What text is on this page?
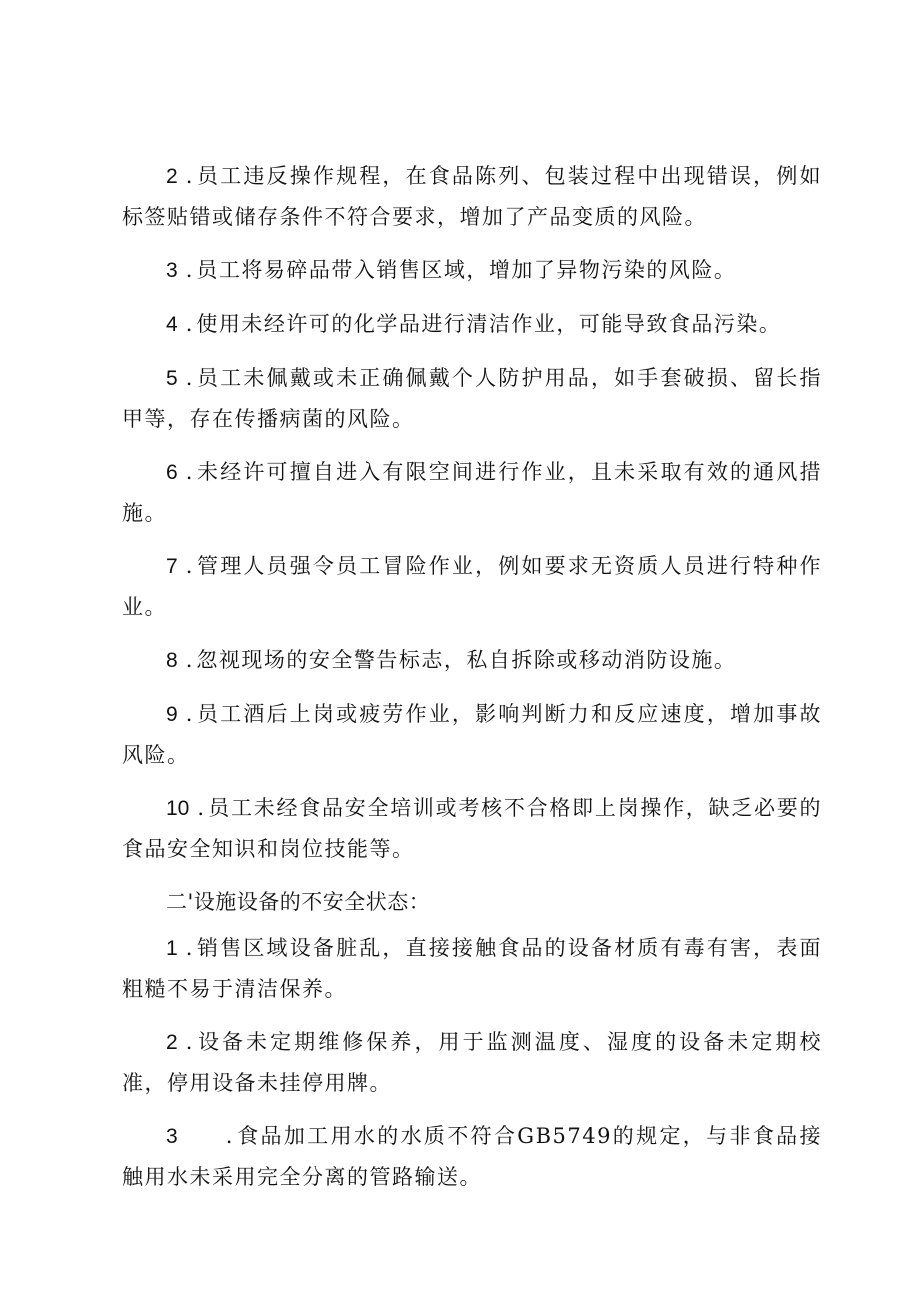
2 . 员工违反操作规程，在食品陈列、包装过程中出现错误，例如标签贴错或储存条件不符合要求，增加了产品变质的风险。

3 . 员工将易碎品带入销售区域，增加了异物污染的风险。

4 . 使用未经许可的化学品进行清洁作业，可能导致食品污染。

5 . 员工未佩戴或未正确佩戴个人防护用品，如手套破损、留长指甲等，存在传播病菌的风险。

6 . 未经许可擅自进入有限空间进行作业，且未采取有效的通风措施。

7 . 管理人员强令员工冒险作业，例如要求无资质人员进行特种作业。

8 . 忽视现场的安全警告标志，私自拆除或移动消防设施。

9 . 员工酒后上岗或疲劳作业，影响判断力和反应速度，增加事故风险。

10 . 员工未经食品安全培训或考核不合格即上岗操作，缺乏必要的食品安全知识和岗位技能等。

二'设施设备的不安全状态：

1 . 销售区域设备脏乱，直接接触食品的设备材质有毒有害，表面粗糙不易于清洁保养。

2 . 设备未定期维修保养，用于监测温度、湿度的设备未定期校准，停用设备未挂停用牌。

3 . 食品加工用水的水质不符合GB5749的规定，与非食品接触用水未采用完全分离的管路输送。
